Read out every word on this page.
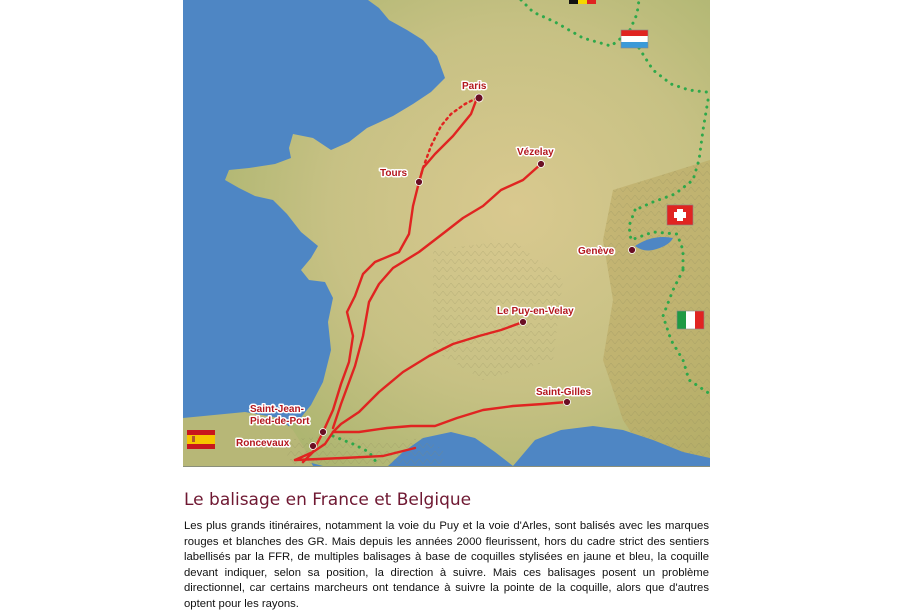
Paris
Tours
Vézelay
Genève
Le Puy-en-Velay
Saint-Gilles
Saint-Jean-
Pied-de-Port
Roncevaux
Le balisage en France et Belgique

Les plus grands itinéraires, notamment la voie du Puy et la voie d'Arles, sont balisés avec les marques rouges et blanches des GR. Mais depuis les années 2000 fleurissent, hors du cadre strict des sentiers labellisés par la FFR, de multiples balisages à base de coquilles stylisées en jaune et bleu, la coquille devant indiquer, selon sa position, la direction à suivre. Mais ces balisages posent un problème directionnel, car certains marcheurs ont tendance à suivre la pointe de la coquille, alors que d'autres optent pour les rayons.
